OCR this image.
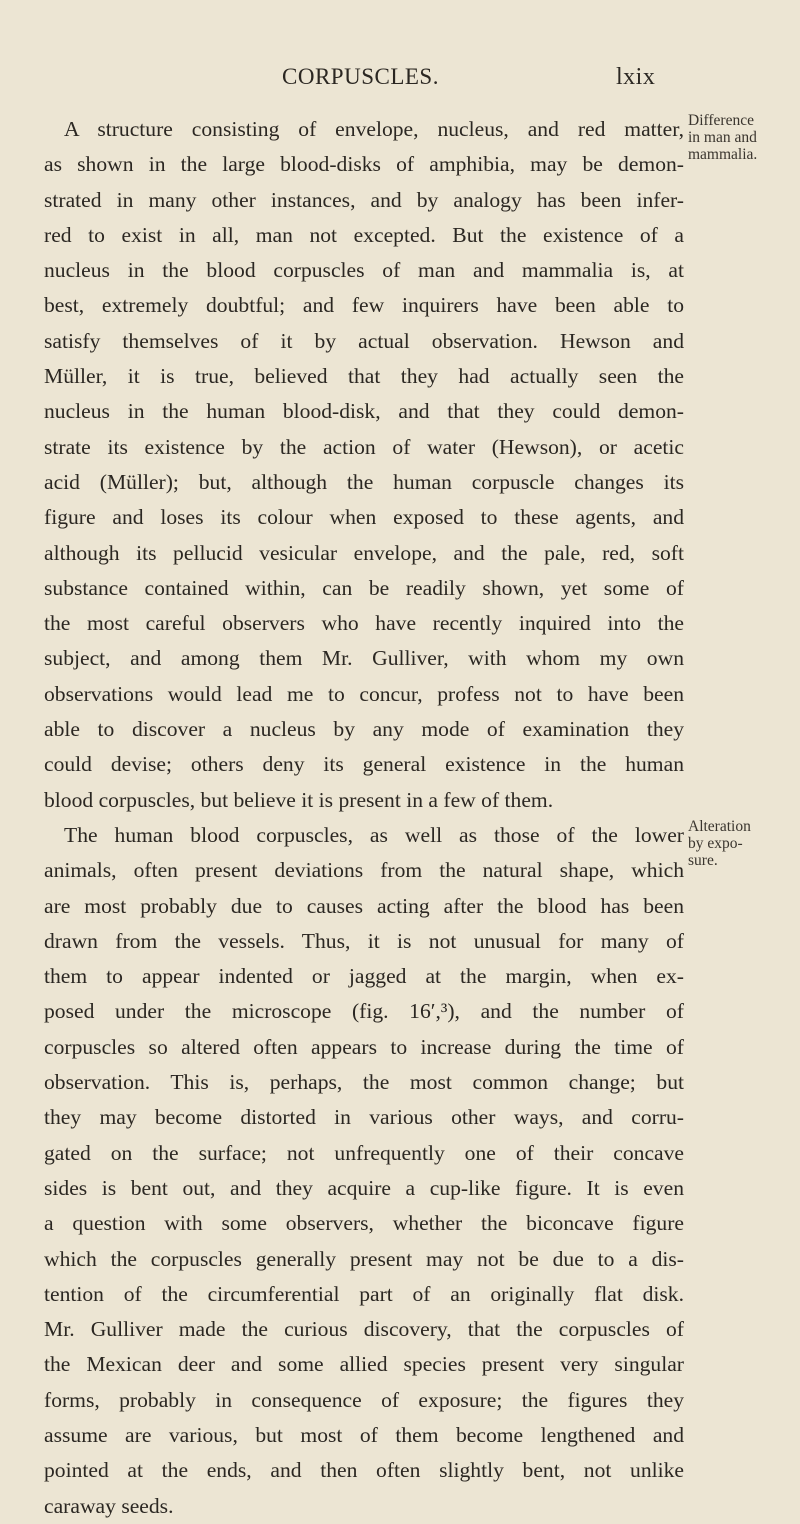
CORPUSCLES.	lxix
A structure consisting of envelope, nucleus, and red matter,
as shown in the large blood-disks of amphibia, may be demon-
strated in many other instances, and by analogy has been infer-
red to exist in all, man not excepted. But the existence of a
nucleus in the blood corpuscles of man and mammalia is, at
best, extremely doubtful; and few inquirers have been able to
satisfy themselves of it by actual observation. Hewson and
Müller, it is true, believed that they had actually seen the
nucleus in the human blood-disk, and that they could demon-
strate its existence by the action of water (Hewson), or acetic
acid (Müller); but, although the human corpuscle changes its
figure and loses its colour when exposed to these agents, and
although its pellucid vesicular envelope, and the pale, red, soft
substance contained within, can be readily shown, yet some of
the most careful observers who have recently inquired into the
subject, and among them Mr. Gulliver, with whom my own
observations would lead me to concur, profess not to have been
able to discover a nucleus by any mode of examination they
could devise; others deny its general existence in the human
blood corpuscles, but believe it is present in a few of them.
The human blood corpuscles, as well as those of the lower
animals, often present deviations from the natural shape, which
are most probably due to causes acting after the blood has been
drawn from the vessels. Thus, it is not unusual for many of
them to appear indented or jagged at the margin, when ex-
posed under the microscope (fig. 16′,³), and the number of
corpuscles so altered often appears to increase during the time of
observation. This is, perhaps, the most common change; but
they may become distorted in various other ways, and corru-
gated on the surface; not unfrequently one of their concave
sides is bent out, and they acquire a cup-like figure. It is even
a question with some observers, whether the biconcave figure
which the corpuscles generally present may not be due to a dis-
tention of the circumferential part of an originally flat disk.
Mr. Gulliver made the curious discovery, that the corpuscles of
the Mexican deer and some allied species present very singular
forms, probably in consequence of exposure; the figures they
assume are various, but most of them become lengthened and
pointed at the ends, and then often slightly bent, not unlike
caraway seeds.
Difference
in man and
mammalia.
Alteration
by expo-
sure.
